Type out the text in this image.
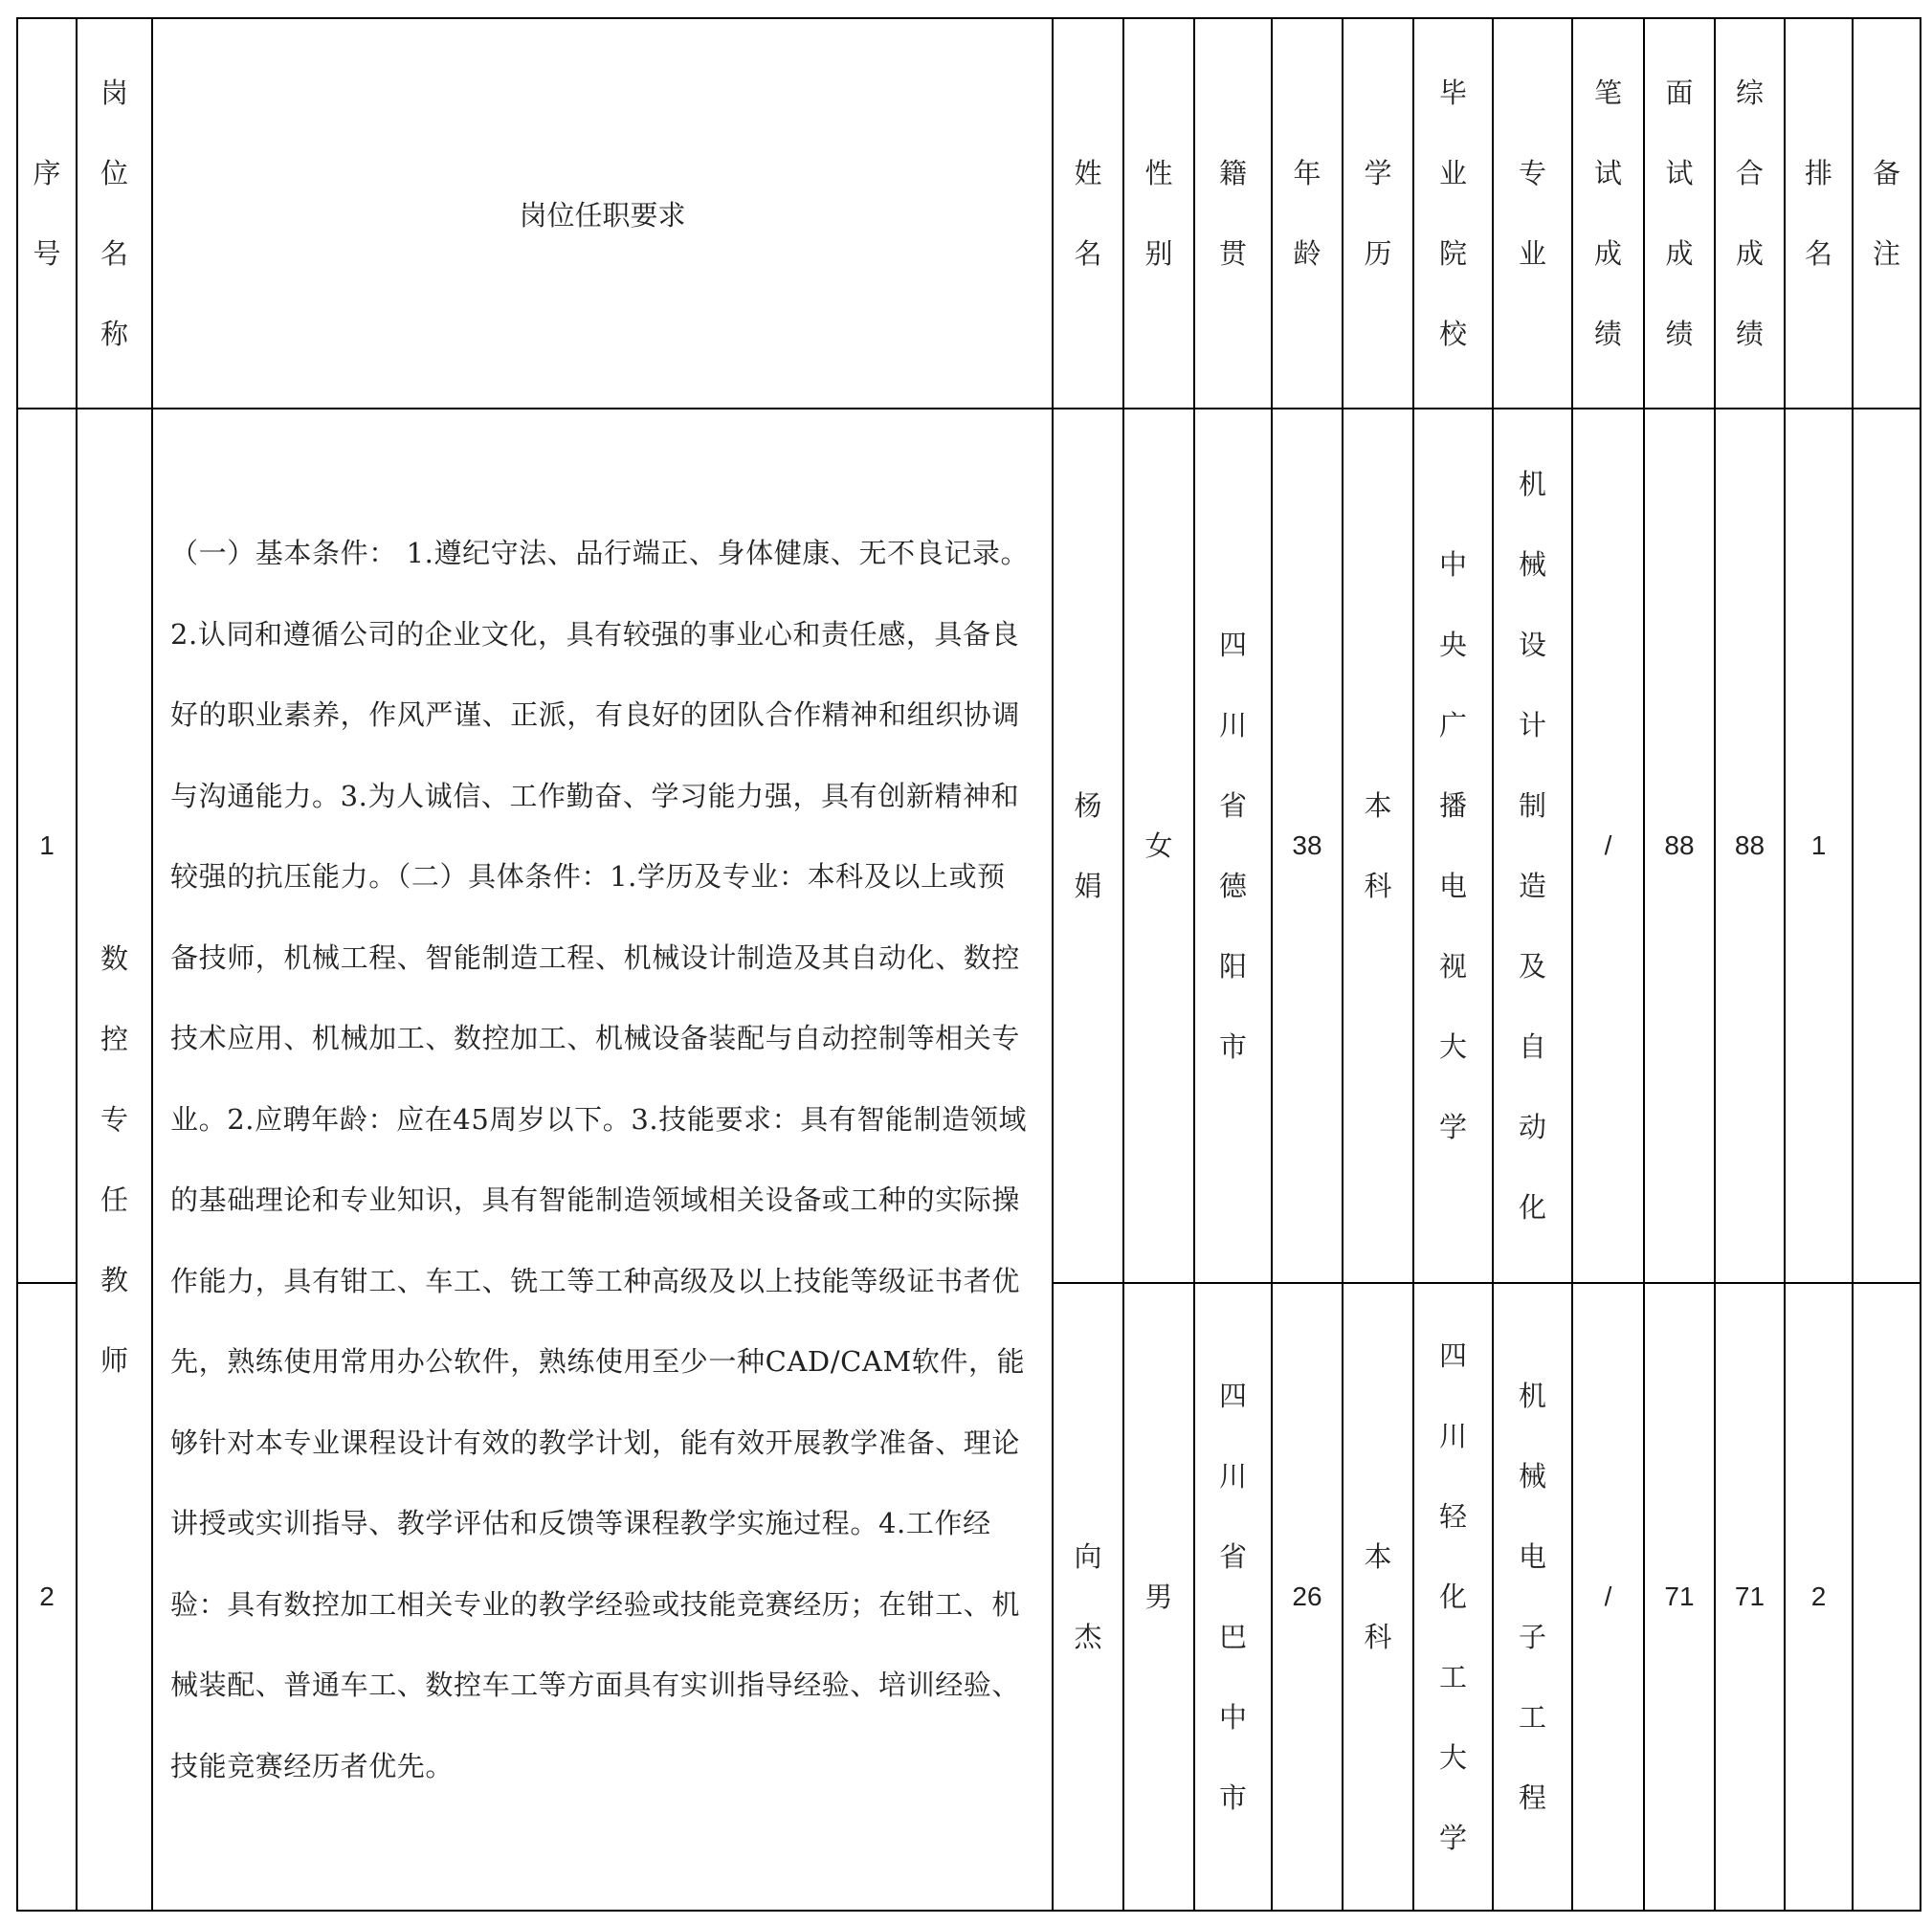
序号	岗位名称	岗位任职要求	姓名	性别	籍贯	年龄	学历	毕业院校	专业	笔试成绩	面试成绩	综合成绩	排名	备注
1	数控专任教师	（一）基本条件： 1.遵纪守法、品行端正、身体健康、无不良记录。2.认同和遵循公司的企业文化，具有较强的事业心和责任感，具备良好的职业素养，作风严谨、正派，有良好的团队合作精神和组织协调与沟通能力。3.为人诚信、工作勤奋、学习能力强，具有创新精神和较强的抗压能力。（二）具体条件：1.学历及专业：本科及以上或预备技师，机械工程、智能制造工程、机械设计制造及其自动化、数控技术应用、机械加工、数控加工、机械设备装配与自动控制等相关专业。2.应聘年龄：应在45周岁以下。3.技能要求：具有智能制造领域的基础理论和专业知识，具有智能制造领域相关设备或工种的实际操作能力，具有钳工、车工、铣工等工种高级及以上技能等级证书者优先，熟练使用常用办公软件，熟练使用至少一种CAD/CAM软件，能够针对本专业课程设计有效的教学计划，能有效开展教学准备、理论讲授或实训指导、教学评估和反馈等课程教学实施过程。4.工作经验：具有数控加工相关专业的教学经验或技能竞赛经历；在钳工、机械装配、普通车工、数控车工等方面具有实训指导经验、培训经验、技能竞赛经历者优先。	杨娟	女	四川省德阳市	38	本科	中央广播电视大学	机械设计制造及自动化	/	88	88	1	
2			向杰	男	四川省巴中市	26	本科	四川轻化工大学	机械电子工程	/	71	71	2	
